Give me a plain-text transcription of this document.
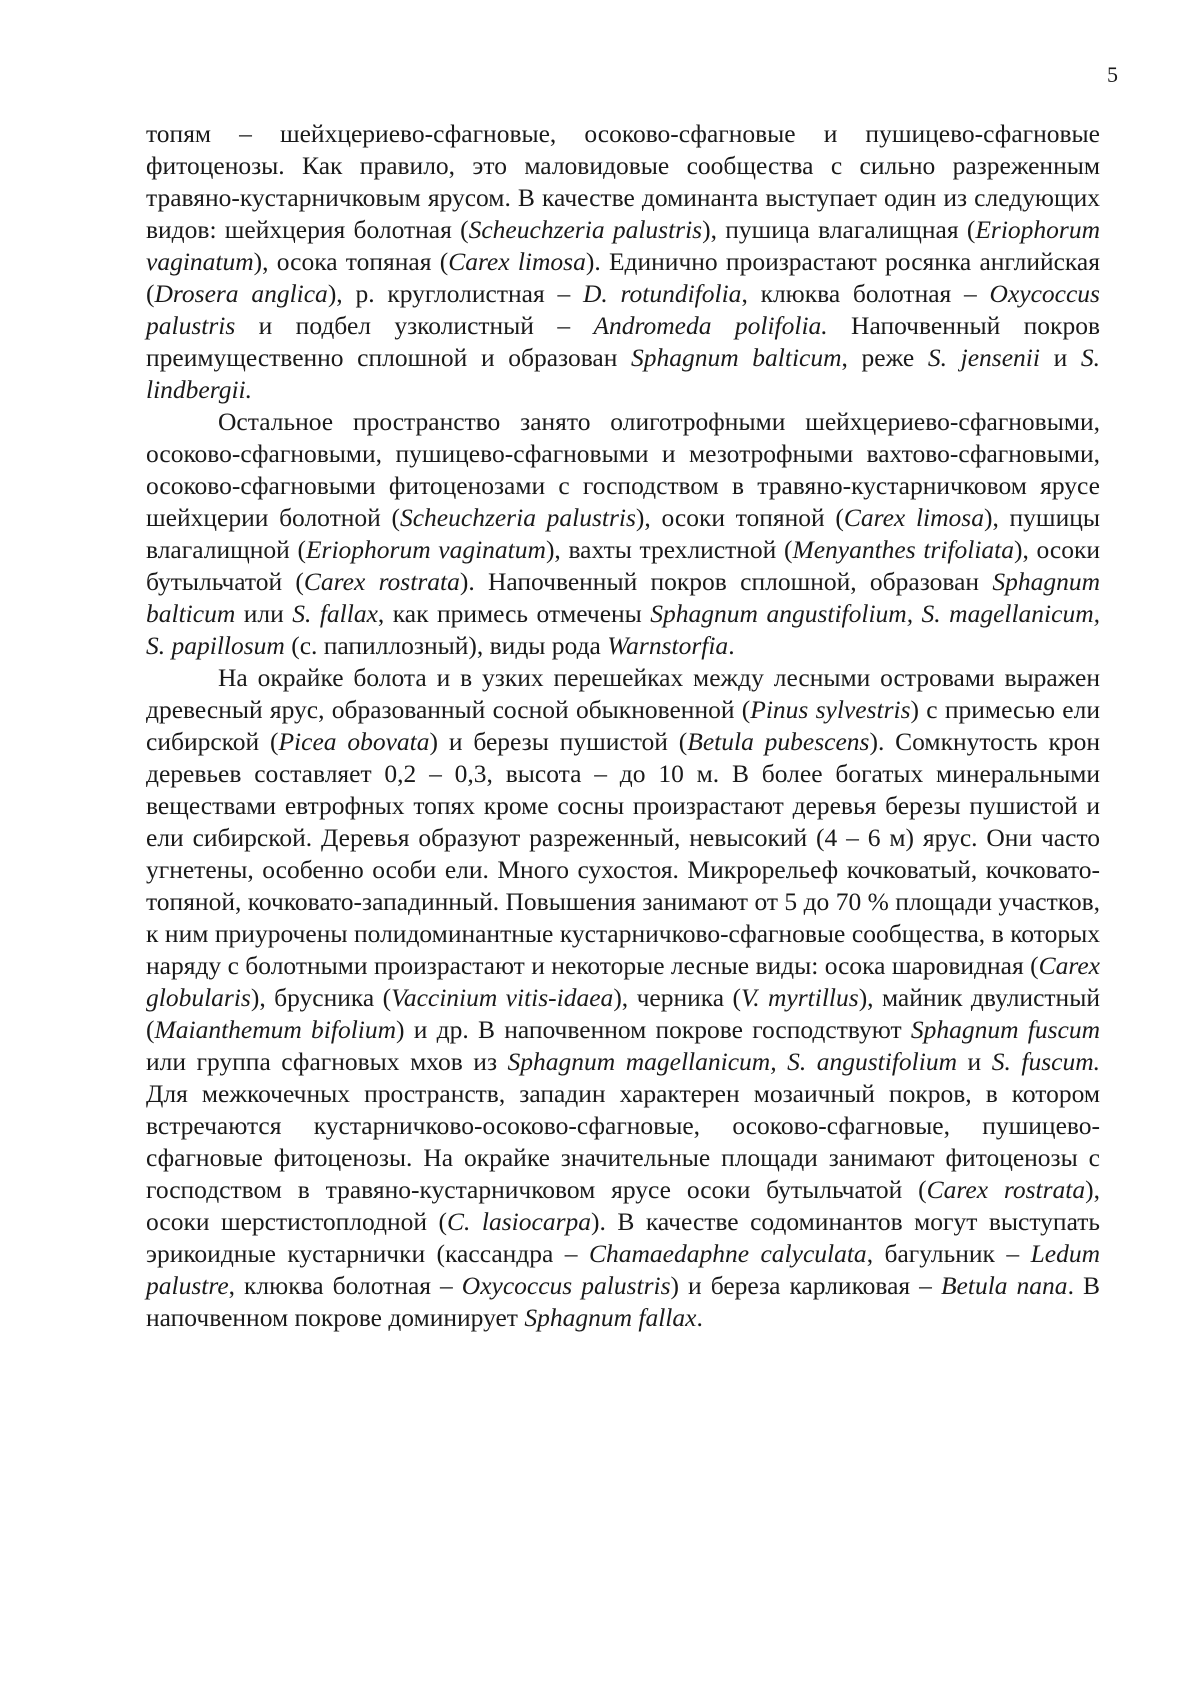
5

топям – шейхцериево-сфагновые, осоково-сфагновые и пушицево-сфагновые фитоценозы. Как правило, это маловидовые сообщества с сильно разреженным травяно-кустарничковым ярусом. В качестве доминанта выступает один из следующих видов: шейхцерия болотная (Scheuchzeria palustris), пушица влагалищная (Eriophorum vaginatum), осока топяная (Carex limosa). Единично произрастают росянка английская (Drosera anglica), р. круглолистная – D. rotundifolia, клюква болотная – Oxycoccus palustris и подбел узколистный – Andromeda polifolia. Напочвенный покров преимущественно сплошной и образован Sphagnum balticum, реже S. jensenii и S. lindbergii.

Остальное пространство занято олиготрофными шейхцериево-сфагновыми, осоково-сфагновыми, пушицево-сфагновыми и мезотрофными вахтово-сфагновыми, осоково-сфагновыми фитоценозами с господством в травяно-кустарничковом ярусе шейхцерии болотной (Scheuchzeria palustris), осоки топяной (Carex limosa), пушицы влагалищной (Eriophorum vaginatum), вахты трехлистной (Menyanthes trifoliata), осоки бутыльчатой (Carex rostrata). Напочвенный покров сплошной, образован Sphagnum balticum или S. fallax, как примесь отмечены Sphagnum angustifolium, S. magellanicum, S. papillosum (с. папиллозный), виды рода Warnstorfia.

На окрайке болота и в узких перешейках между лесными островами выражен древесный ярус, образованный сосной обыкновенной (Pinus sylvestris) с примесью ели сибирской (Picea obovata) и березы пушистой (Betula pubescens). Сомкнутость крон деревьев составляет 0,2 – 0,3, высота – до 10 м. В более богатых минеральными веществами евтрофных топях кроме сосны произрастают деревья березы пушистой и ели сибирской. Деревья образуют разреженный, невысокий (4 – 6 м) ярус. Они часто угнетены, особенно особи ели. Много сухостоя. Микрорельеф кочковатый, кочковато-топяной, кочковато-западинный. Повышения занимают от 5 до 70 % площади участков, к ним приурочены полидоминантные кустарничково-сфагновые сообщества, в которых наряду с болотными произрастают и некоторые лесные виды: осока шаровидная (Carex globularis), брусника (Vaccinium vitis-idaea), черника (V. myrtillus), майник двулистный (Maianthemum bifolium) и др. В напочвенном покрове господствуют Sphagnum fuscum или группа сфагновых мхов из Sphagnum magellanicum, S. angustifolium и S. fuscum. Для межкочечных пространств, западин характерен мозаичный покров, в котором встречаются кустарничково-осоково-сфагновые, осоково-сфагновые, пушицево-сфагновые фитоценозы. На окрайке значительные площади занимают фитоценозы с господством в травяно-кустарничковом ярусе осоки бутыльчатой (Carex rostrata), осоки шерстистоплодной (C. lasiocarpa). В качестве содоминантов могут выступать эрикоидные кустарнички (кассандра – Chamaedaphne calyculata, багульник – Ledum palustre, клюква болотная – Oxycoccus palustris) и береза карликовая – Betula nana. В напочвенном покрове доминирует Sphagnum fallax.
